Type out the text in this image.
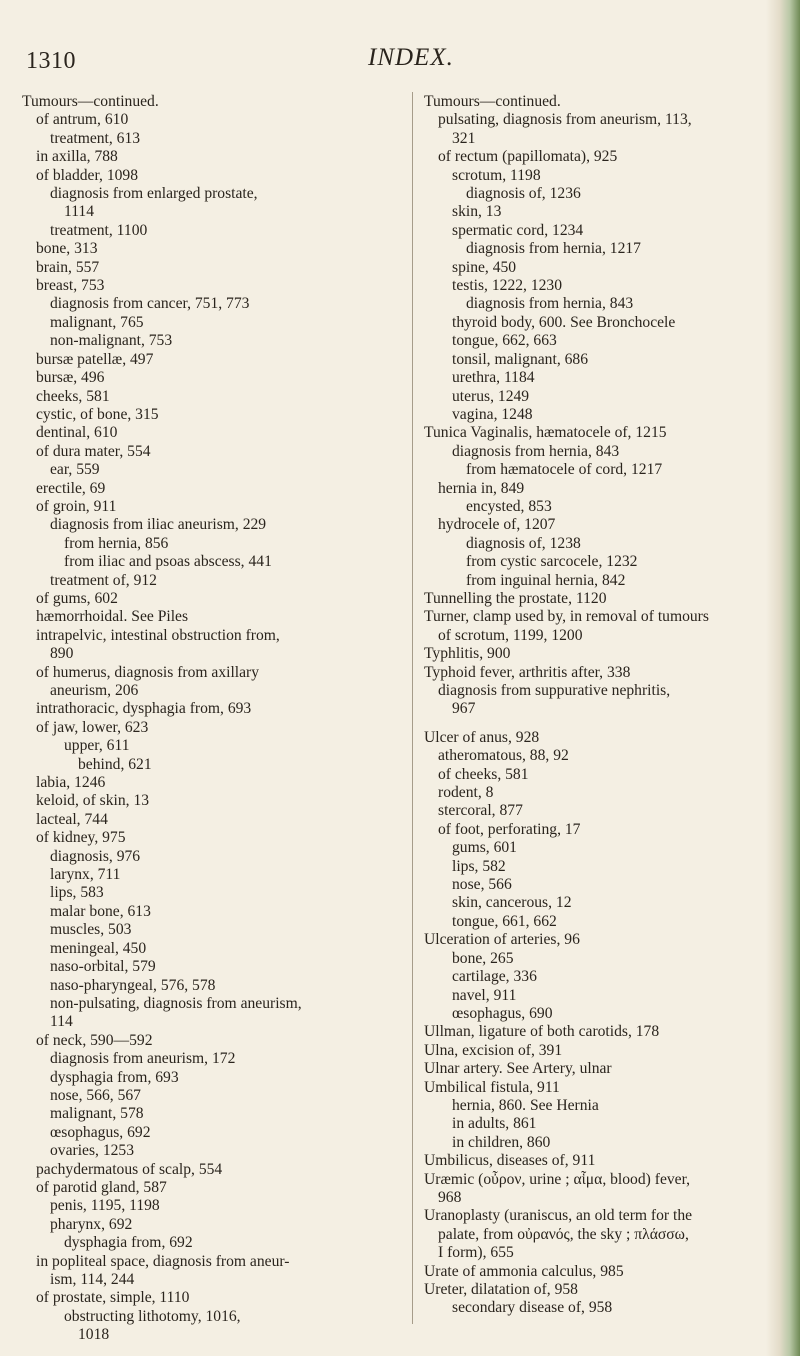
1310	INDEX.
Tumours—continued.
of antrum, 610
treatment, 613
in axilla, 788
of bladder, 1098
diagnosis from enlarged prostate,
1114
treatment, 1100
bone, 313
brain, 557
breast, 753
diagnosis from cancer, 751, 773
malignant, 765
non-malignant, 753
bursæ patellæ, 497
bursæ, 496
cheeks, 581
cystic, of bone, 315
dentinal, 610
of dura mater, 554
ear, 559
erectile, 69
of groin, 911
diagnosis from iliac aneurism, 229
from hernia, 856
from iliac and psoas abscess, 441
treatment of, 912
of gums, 602
hæmorrhoidal. See Piles
intrapelvic, intestinal obstruction from,
890
of humerus, diagnosis from axillary
aneurism, 206
intrathoracic, dysphagia from, 693
of jaw, lower, 623
upper, 611
behind, 621
labia, 1246
keloid, of skin, 13
lacteal, 744
of kidney, 975
diagnosis, 976
larynx, 711
lips, 583
malar bone, 613
muscles, 503
meningeal, 450
naso-orbital, 579
naso-pharyngeal, 576, 578
non-pulsating, diagnosis from aneurism,
114
of neck, 590—592
diagnosis from aneurism, 172
dysphagia from, 693
nose, 566, 567
malignant, 578
œsophagus, 692
ovaries, 1253
pachydermatous of scalp, 554
of parotid gland, 587
penis, 1195, 1198
pharynx, 692
dysphagia from, 692
in popliteal space, diagnosis from aneur-
ism, 114, 244
of prostate, simple, 1110
obstructing lithotomy, 1016,
1018
Tumours—continued.
pulsating, diagnosis from aneurism, 113,
321
of rectum (papillomata), 925
scrotum, 1198
diagnosis of, 1236
skin, 13
spermatic cord, 1234
diagnosis from hernia, 1217
spine, 450
testis, 1222, 1230
diagnosis from hernia, 843
thyroid body, 600. See Bronchocele
tongue, 662, 663
tonsil, malignant, 686
urethra, 1184
uterus, 1249
vagina, 1248
Tunica Vaginalis, hæmatocele of, 1215
diagnosis from hernia, 843
from hæmatocele of cord, 1217
hernia in, 849
encysted, 853
hydrocele of, 1207
diagnosis of, 1238
from cystic sarcocele, 1232
from inguinal hernia, 842
Tunnelling the prostate, 1120
Turner, clamp used by, in removal of tumours
of scrotum, 1199, 1200
Typhlitis, 900
Typhoid fever, arthritis after, 338
diagnosis from suppurative nephritis,
967
Ulcer of anus, 928
atheromatous, 88, 92
of cheeks, 581
rodent, 8
stercoral, 877
of foot, perforating, 17
gums, 601
lips, 582
nose, 566
skin, cancerous, 12
tongue, 661, 662
Ulceration of arteries, 96
bone, 265
cartilage, 336
navel, 911
œsophagus, 690
Ullman, ligature of both carotids, 178
Ulna, excision of, 391
Ulnar artery. See Artery, ulnar
Umbilical fistula, 911
hernia, 860. See Hernia
in adults, 861
in children, 860
Umbilicus, diseases of, 911
Uræmic (οὖρον, urine ; αἷμα, blood) fever,
968
Uranoplasty (uraniscus, an old term for the
palate, from οὐρανός, the sky ; πλάσσω,
I form), 655
Urate of ammonia calculus, 985
Ureter, dilatation of, 958
secondary disease of, 958
